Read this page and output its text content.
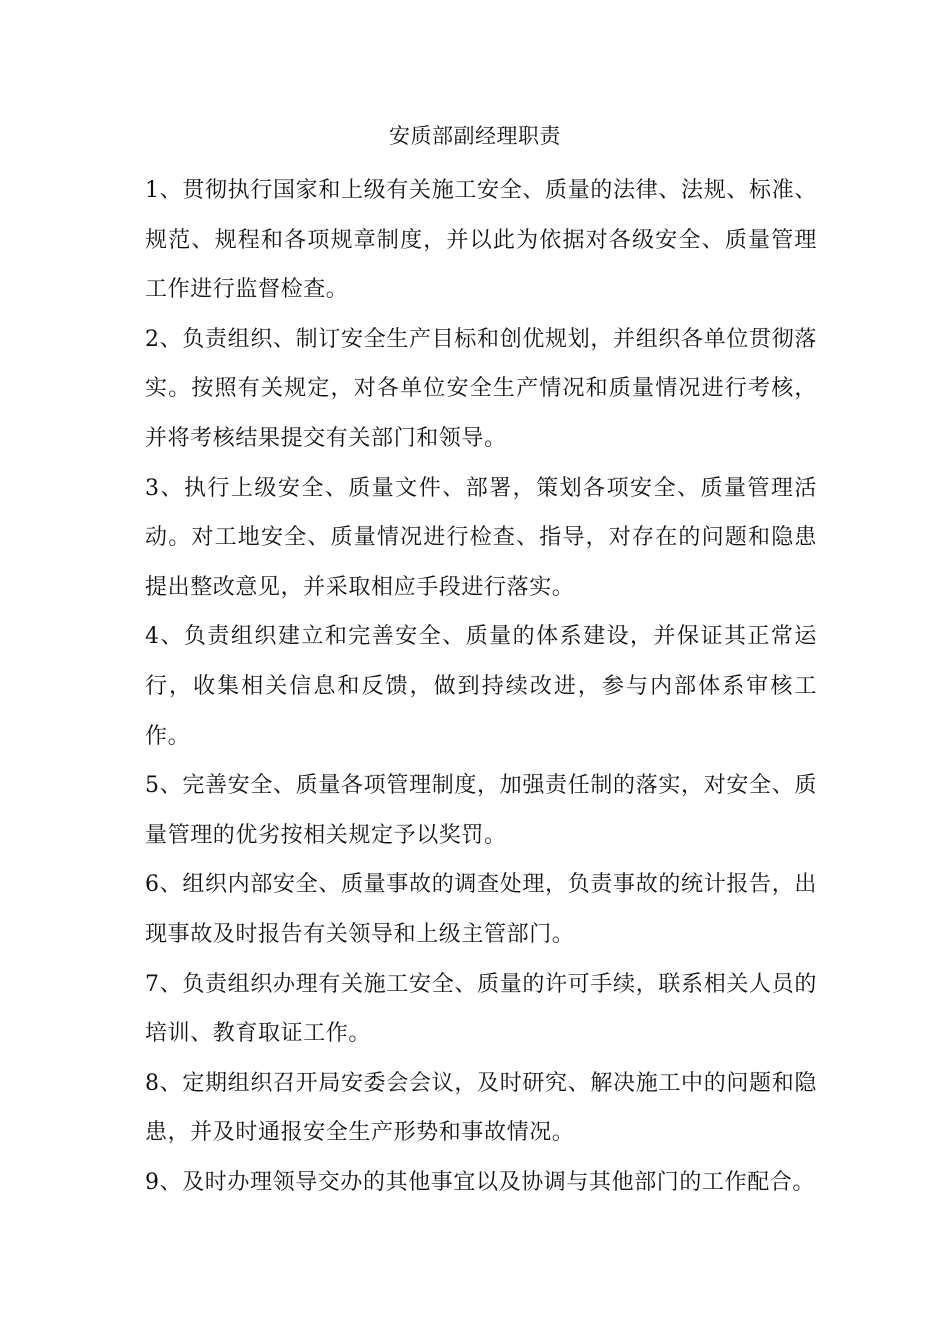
安质部副经理职责

1、贯彻执行国家和上级有关施工安全、质量的法律、法规、标准、规范、规程和各项规章制度，并以此为依据对各级安全、质量管理工作进行监督检查。

2、负责组织、制订安全生产目标和创优规划，并组织各单位贯彻落实。按照有关规定，对各单位安全生产情况和质量情况进行考核，并将考核结果提交有关部门和领导。

3、执行上级安全、质量文件、部署，策划各项安全、质量管理活动。对工地安全、质量情况进行检查、指导，对存在的问题和隐患提出整改意见，并采取相应手段进行落实。

4、负责组织建立和完善安全、质量的体系建设，并保证其正常运行，收集相关信息和反馈，做到持续改进，参与内部体系审核工作。

5、完善安全、质量各项管理制度，加强责任制的落实，对安全、质量管理的优劣按相关规定予以奖罚。

6、组织内部安全、质量事故的调查处理，负责事故的统计报告，出现事故及时报告有关领导和上级主管部门。

7、负责组织办理有关施工安全、质量的许可手续，联系相关人员的培训、教育取证工作。

8、定期组织召开局安委会会议，及时研究、解决施工中的问题和隐患，并及时通报安全生产形势和事故情况。

9、及时办理领导交办的其他事宜以及协调与其他部门的工作配合。
